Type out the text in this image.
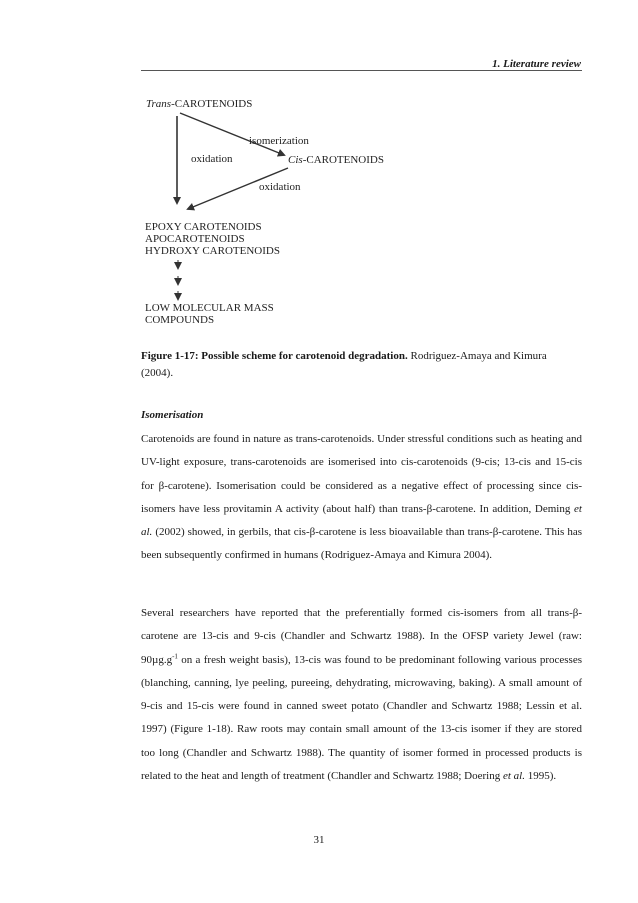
1. Literature review
Trans-CAROTENOIDS
isomerization
oxidation	Cis-CAROTENOIDS
oxidation
EPOXY CAROTENOIDS
APOCAROTENOIDS
HYDROXY CAROTENOIDS
LOW MOLECULAR MASS
COMPOUNDS
Figure 1-17: Possible scheme for carotenoid degradation. Rodriguez-Amaya and Kimura (2004).
Isomerisation
Carotenoids are found in nature as trans-carotenoids. Under stressful conditions such as heating and UV-light exposure, trans-carotenoids are isomerised into cis-carotenoids (9-cis; 13-cis and 15-cis for β-carotene). Isomerisation could be considered as a negative effect of processing since cis-isomers have less provitamin A activity (about half) than trans-β-carotene. In addition, Deming et al. (2002) showed, in gerbils, that cis-β-carotene is less bioavailable than trans-β-carotene. This has been subsequently confirmed in humans (Rodriguez-Amaya and Kimura 2004).
Several researchers have reported that the preferentially formed cis-isomers from all trans-β-carotene are 13-cis and 9-cis (Chandler and Schwartz 1988). In the OFSP variety Jewel (raw: $90\mu g.g^{-1}$ on a fresh weight basis), 13-cis was found to be predominant following various processes (blanching, canning, lye peeling, pureeing, dehydrating, microwaving, baking). A small amount of 9-cis and 15-cis were found in canned sweet potato (Chandler and Schwartz 1988; Lessin et al. 1997) (Figure 1-18). Raw roots may contain small amount of the 13-cis isomer if they are stored too long (Chandler and Schwartz 1988). The quantity of isomer formed in processed products is related to the heat and length of treatment (Chandler and Schwartz 1988; Doering et al. 1995).
31
